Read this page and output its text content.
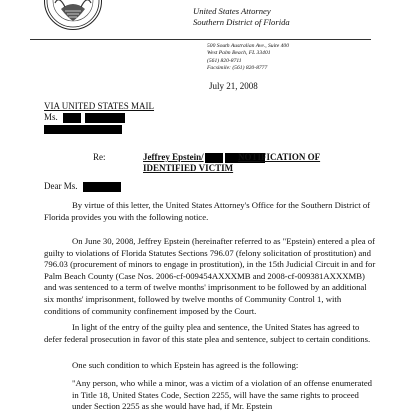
United States Attorney
Southern District of Florida
500 South Australian Ave., Suite 400
West Palm Beach, FL 33401
(561) 820-8711
Facsimile: (561) 820-8777
July 21, 2008
VIA UNITED STATES MAIL
Ms.
Re:	Jeffrey Epstein/	NOTIFICATION OF
IDENTIFIED VICTIM
Dear Ms.

By virtue of this letter, the United States Attorney's Office for the Southern District of Florida provides you with the following notice.

On June 30, 2008, Jeffrey Epstein (hereinafter referred to as "Epstein) entered a plea of guilty to violations of Florida Statutes Sections 796.07 (felony solicitation of prostitution) and 796.03 (procurement of minors to engage in prostitution), in the 15th Judicial Circuit in and for Palm Beach County (Case Nos. 2006-cf-009454AXXXMB and 2008-cf-009381AXXXMB) and was sentenced to a term of twelve months' imprisonment to be followed by an additional six months' imprisonment, followed by twelve months of Community Control 1, with conditions of community confinement imposed by the Court.

In light of the entry of the guilty plea and sentence, the United States has agreed to defer federal prosecution in favor of this state plea and sentence, subject to certain conditions.

One such condition to which Epstein has agreed is the following:

"Any person, who while a minor, was a victim of a violation of an offense enumerated in Title 18, United States Code, Section 2255, will have the same rights to proceed under Section 2255 as she would have had, if Mr. Epstein
